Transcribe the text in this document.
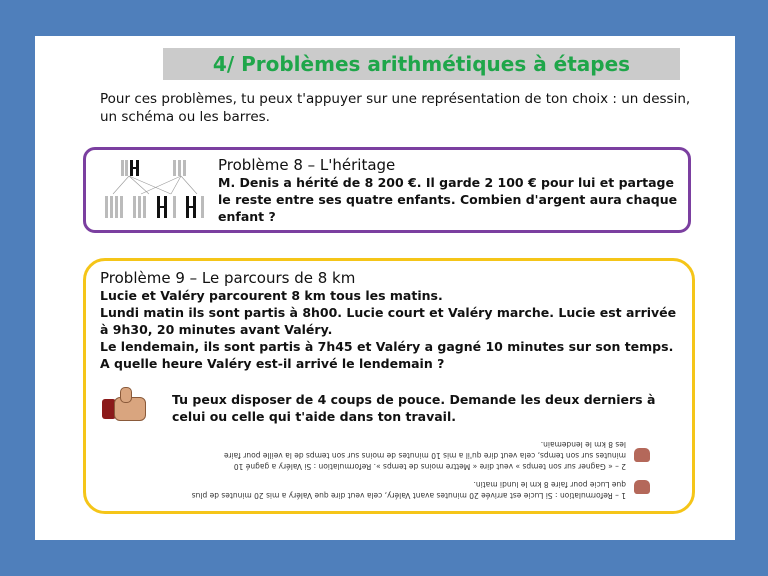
4/ Problèmes arithmétiques à étapes
Pour ces problèmes, tu peux t'appuyer sur une représentation de ton choix : un dessin, un schéma ou les barres.
Problème 8 – L'héritage
M. Denis a hérité de 8 200 €. Il garde 2 100 € pour lui et partage le reste entre ses quatre enfants. Combien d'argent aura chaque enfant ?
Problème 9 – Le parcours de 8 km
Lucie et Valéry parcourent 8 km tous les matins.
Lundi matin ils sont partis à 8h00. Lucie court et Valéry marche. Lucie est arrivée à 9h30, 20 minutes avant Valéry.
Le lendemain, ils sont partis à 7h45 et Valéry a gagné 10 minutes sur son temps.
A quelle heure Valéry est-il arrivé le lendemain ?
Tu peux disposer de 4 coups de pouce. Demande les deux derniers à celui ou celle qui t'aide dans ton travail.
2 – « Gagner sur son temps » veut dire « Mettre moins de temps ». Reformulation : Si Valéry a gagné 10 minutes sur son temps, cela veut dire qu'il a mis 10 minutes de moins sur son temps de la veille pour faire les 8 km le lendemain.
1 – Reformulation : Si Lucie est arrivée 20 minutes avant Valéry, cela veut dire que Valéry a mis 20 minutes de plus que Lucie pour faire 8 km le lundi matin.
